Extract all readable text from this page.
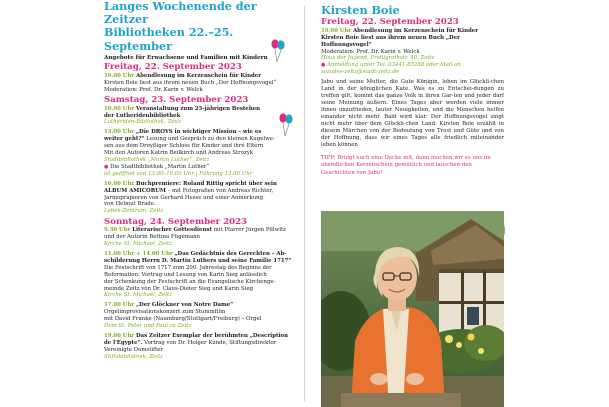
Langes Wochenende der Zeitzer
Bibliotheken 22.–25. September
Angebote für Erwachsene und Familien mit Kindern
Freitag, 22. September 2023
19.00 Uhr Abendlesung im Kerzenschein für Kinder
Kirsten Boie liest aus ihrem neuen Buch „Der Hoffnungsvogel“
Moderation: Prof. Dr. Karin v. Welck
Samstag, 23. September 2023
10.00 Uhr Veranstaltung zum 25-jährigen Bestehen
der Lutheridenbibliothek
Lutheriden-Bibliothek, Zeitz
13.00 Uhr „Die DROYS in wichtiger Mission – wie es
weiter geht?“ Lesung und Gespräch zu den kleinen Kugelwe-
sen aus dem Droyßiger Schloss für Kinder und ihre Eltern
Mit den Autoren Katrin Beilkirch und Andreas Strozyk
Stadtbibliothek „Martin Luther“, Zeitz
● Die Stadtbibliothek „Martin Luther“
ist geöffnet von 13.00–16.00 Uhr | Führung 13.00 Uhr
16.00 Uhr Buchpremiere: Roland Rittig spricht über sein
ALBUM AMICORUM – mit Fotografien von Andreas Richter,
Jarmoprapieren von Gerhard Hesse und einer Anmerkung
von Helmut Brade.
Lebek-Zentrum, Zeitz
Sonntag, 24. September 2023
9.30 Uhr Literarischer Gottesdienst mit Pfarrer Jürgen Pillwitz
und der Autorin Bettina Fügemann
Kirche St. Michael, Zeitz
11.00 Uhr + 14.00 Uhr „Das Gedächtnis des Gerechten – Ab-
schilderung Herrn D. Martin Luthers und seine Familie 1717“
Die Festschrift von 1717 zum 200. Jahrestag des Beginns der
Reformation: Vortrag und Lesung von Karin Sieg anlässlich
der Schenkung der Festschrift an die Evangelische Kirchenge-
meinde Zeitz von Dr. Claus-Dieter Sieg und Karin Sieg
Kirche St. Michael, Zeitz
17.00 Uhr „Der Glöckner von Notre Dame“
Orgelimprovisationskonzert zum Stummfilm
mit David Franke (Naumburg/Stuttgart/Freiburg) – Orgel
Dom St. Peter und Paul zu Zeitz
19.00 Uhr Das Zeitzer Exemplar der berühmten „Description
de l'Egypte“. Vortrag von Dr. Holger Kunde, Stiftungsdirektor
Vereinigte Domstifter
Stiftsbibliothek, Zeitz
Kirsten Boie
Freitag, 22. September 2023
19.00 Uhr Abendlesung im Kerzenschein für Kinder
Kirsten Boie liest aus ihrem neuen Buch „Der Hoffnungsvogel“
Moderation: Prof. Dr. Karin v. Welck
Haus der Jugend, Freiligrathstr. 40, Zeitz
● Anmeldung unter Tel. 03441-83288 oder Mail an
soziales-zeitz@stadt-zeitz.de
Jabu und seine Mutter, die Gute Königin, leben im Glückli-chen Land in der königlichen Kate. Was es zu Entschei-dungen zu treffen gilt, kommt das ganze Volk in ihren Gar-ten und jeder darf seine Meinung äußern. Eines Tages aber werden viele immer ihnen unzufrieden, lauter Neuigkeiten, und die Menschen helfen einander nicht mehr. Bald wird klar: Der Hoffnungsvogel singt nicht mehr über dem Glückli-chen Land. Kirsten Boie erzählt in diesem Märchen von der Bedeutung von Trost und Güte und von der Hoffnung, dass wir eines Tages alle friedlich miteinander leben können
TIPP: Bringt euch eine Decke mit, dann machen wir es uns im abendlichen Kerzenschein gemütlich und lauschen den Geschichten von Jabu!
